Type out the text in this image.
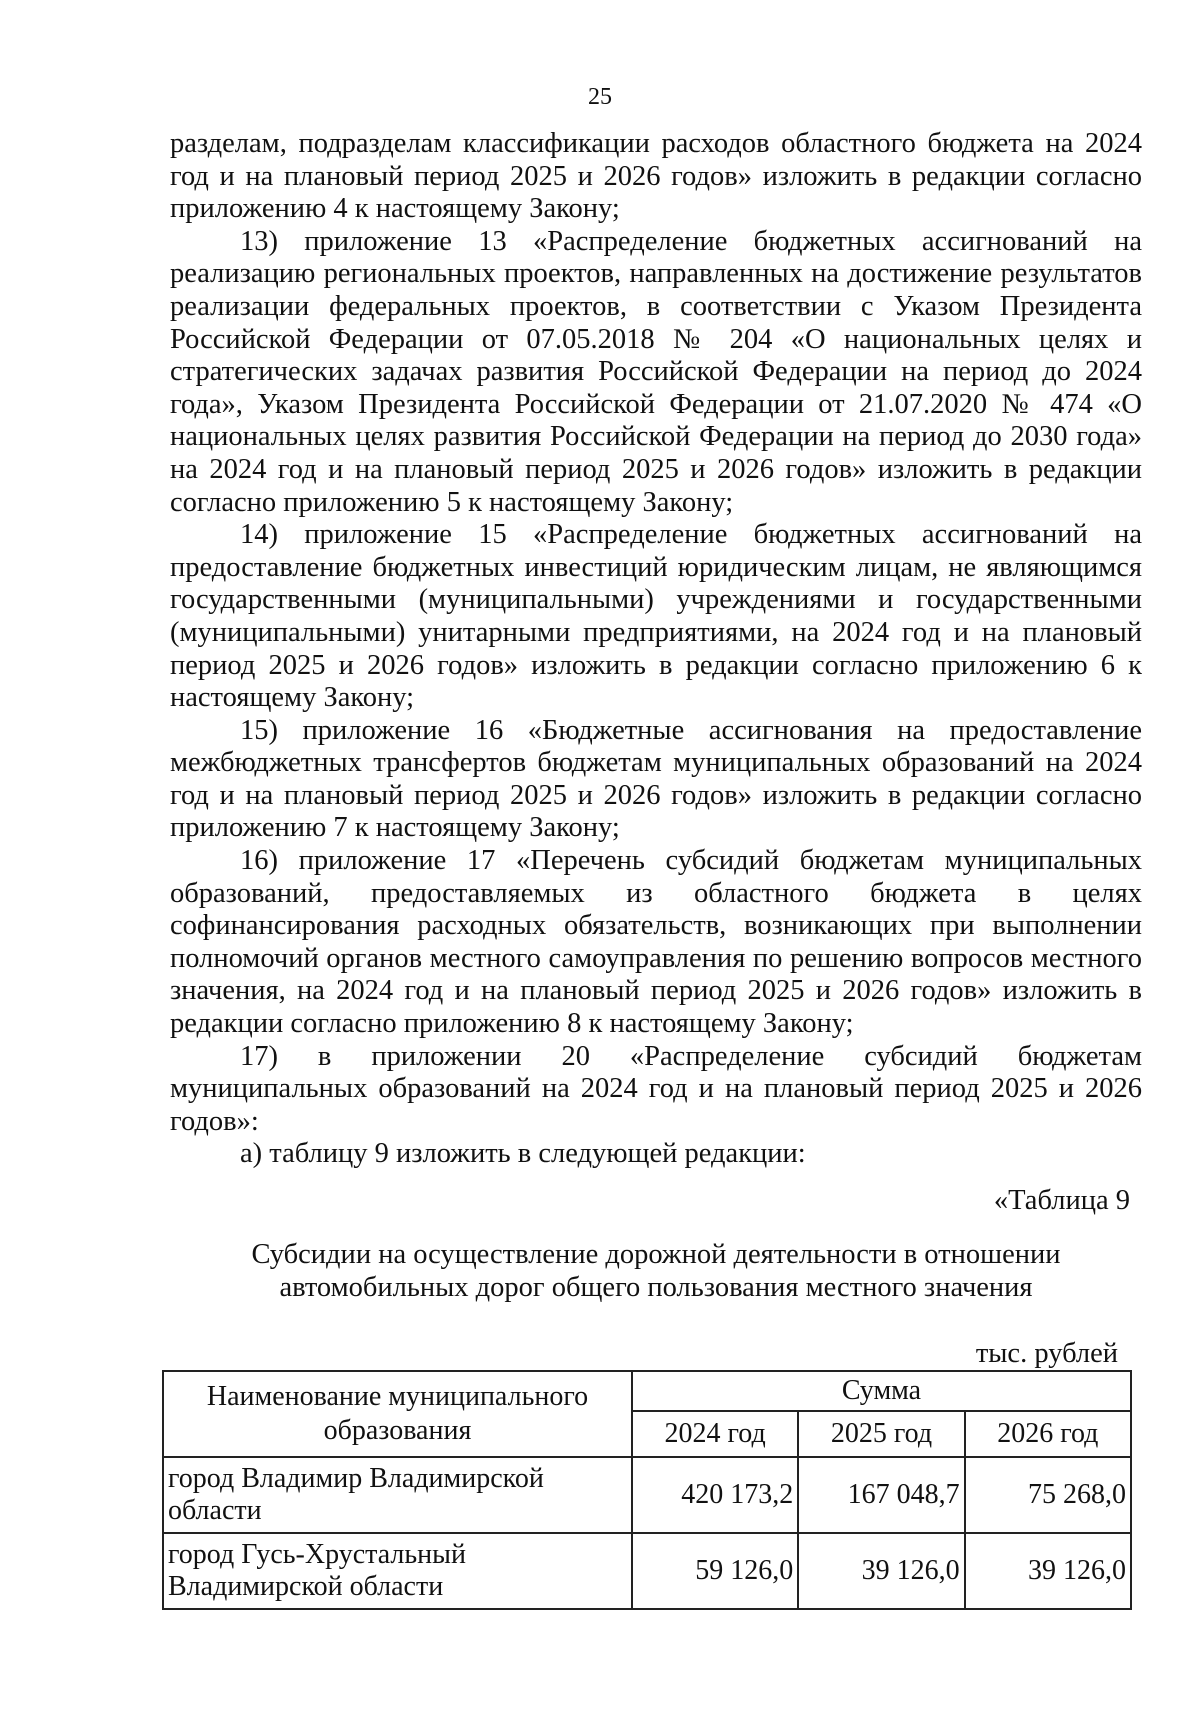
25

разделам, подразделам классификации расходов областного бюджета на 2024 год и на плановый период 2025 и 2026 годов» изложить в редакции согласно приложению 4 к настоящему Закону;

13) приложение 13 «Распределение бюджетных ассигнований на реализацию региональных проектов, направленных на достижение результатов реализации федеральных проектов, в соответствии с Указом Президента Российской Федерации от 07.05.2018 № 204 «О национальных целях и стратегических задачах развития Российской Федерации на период до 2024 года», Указом Президента Российской Федерации от 21.07.2020 № 474 «О национальных целях развития Российской Федерации на период до 2030 года» на 2024 год и на плановый период 2025 и 2026 годов» изложить в редакции согласно приложению 5 к настоящему Закону;

14) приложение 15 «Распределение бюджетных ассигнований на предоставление бюджетных инвестиций юридическим лицам, не являющимся государственными (муниципальными) учреждениями и государственными (муниципальными) унитарными предприятиями, на 2024 год и на плановый период 2025 и 2026 годов» изложить в редакции согласно приложению 6 к настоящему Закону;

15) приложение 16 «Бюджетные ассигнования на предоставление межбюджетных трансфертов бюджетам муниципальных образований на 2024 год и на плановый период 2025 и 2026 годов» изложить в редакции согласно приложению 7 к настоящему Закону;

16) приложение 17 «Перечень субсидий бюджетам муниципальных образований, предоставляемых из областного бюджета в целях софинансирования расходных обязательств, возникающих при выполнении полномочий органов местного самоуправления по решению вопросов местного значения, на 2024 год и на плановый период 2025 и 2026 годов» изложить в редакции согласно приложению 8 к настоящему Закону;

17) в приложении 20 «Распределение субсидий бюджетам муниципальных образований на 2024 год и на плановый период 2025 и 2026 годов»:

а) таблицу 9 изложить в следующей редакции:

«Таблица 9
Субсидии на осуществление дорожной деятельности в отношении
автомобильных дорог общего пользования местного значения
тыс. рублей
Наименование муниципального образования	Сумма		
	2024 год	2025 год	2026 год
город Владимир Владимирской области	420 173,2	167 048,7	75 268,0
город Гусь-Хрустальный Владимирской области	59 126,0	39 126,0	39 126,0
